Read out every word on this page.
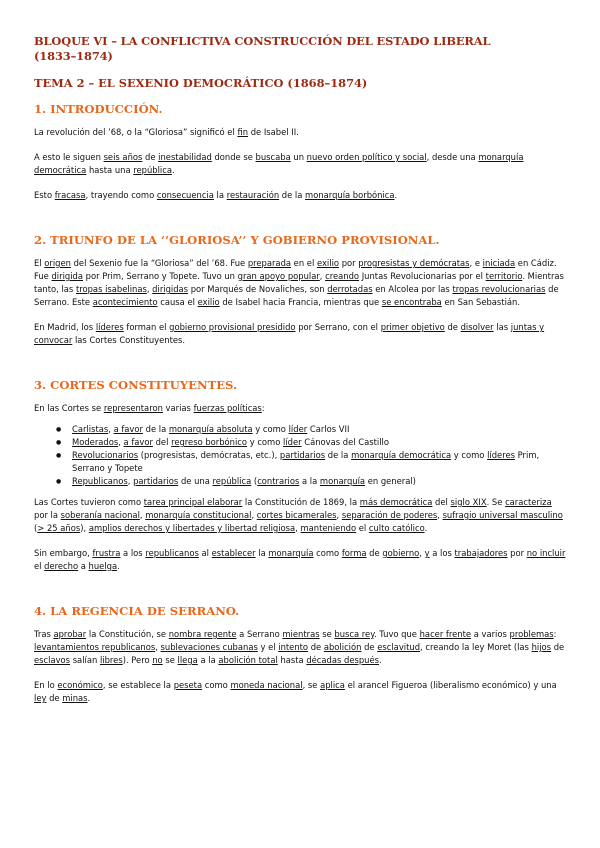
BLOQUE VI – LA CONFLICTIVA CONSTRUCCIÓN DEL ESTADO LIBERAL (1833–1874)
TEMA 2 – EL SEXENIO DEMOCRÁTICO (1868–1874)
1. INTRODUCCIÓN.

La revolución del ’68, o la “Gloriosa” significó el fin de Isabel II.

A esto le siguen seis años de inestabilidad donde se buscaba un nuevo orden político y social, desde una monarquía democrática hasta una república.

Esto fracasa, trayendo como consecuencia la restauración de la monarquía borbónica.

2. TRIUNFO DE LA ‘’GLORIOSA’’ Y GOBIERNO PROVISIONAL.

El origen del Sexenio fue la “Gloriosa” del ’68. Fue preparada en el exilio por progresistas y demócratas, e iniciada en Cádiz. Fue dirigida por Prim, Serrano y Topete. Tuvo un gran apoyo popular, creando Juntas Revolucionarias por el territorio. Mientras tanto, las tropas isabelinas, dirigidas por Marqués de Novaliches, son derrotadas en Alcolea por las tropas revolucionarias de Serrano. Este acontecimiento causa el exilio de Isabel hacia Francia, mientras que se encontraba en San Sebastián.

En Madrid, los líderes forman el gobierno provisional presidido por Serrano, con el primer objetivo de disolver las juntas y convocar las Cortes Constituyentes.

3. CORTES CONSTITUYENTES.

En las Cortes se representaron varias fuerzas políticas:

● Carlistas, a favor de la monarquía absoluta y como líder Carlos VII
● Moderados, a favor del regreso borbónico y como líder Cánovas del Castillo
● Revolucionarios (progresistas, demócratas, etc.), partidarios de la monarquía democrática y como líderes Prim, Serrano y Topete
● Republicanos, partidarios de una república (contrarios a la monarquía en general)

Las Cortes tuvieron como tarea principal elaborar la Constitución de 1869, la más democrática del siglo XIX. Se caracteriza por la soberanía nacional, monarquía constitucional, cortes bicamerales, separación de poderes, sufragio universal masculino (> 25 años), amplios derechos y libertades y libertad religiosa, manteniendo el culto católico.

Sin embargo, frustra a los republicanos al establecer la monarquía como forma de gobierno, y a los trabajadores por no incluir el derecho a huelga.

4. LA REGENCIA DE SERRANO.

Tras aprobar la Constitución, se nombra regente a Serrano mientras se busca rey. Tuvo que hacer frente a varios problemas: levantamientos republicanos, sublevaciones cubanas y el intento de abolición de esclavitud, creando la ley Moret (las hijos de esclavos salían libres). Pero no se llega a la abolición total hasta décadas después.

En lo económico, se establece la peseta como moneda nacional, se aplica el arancel Figueroa (liberalismo económico) y una ley de minas.
